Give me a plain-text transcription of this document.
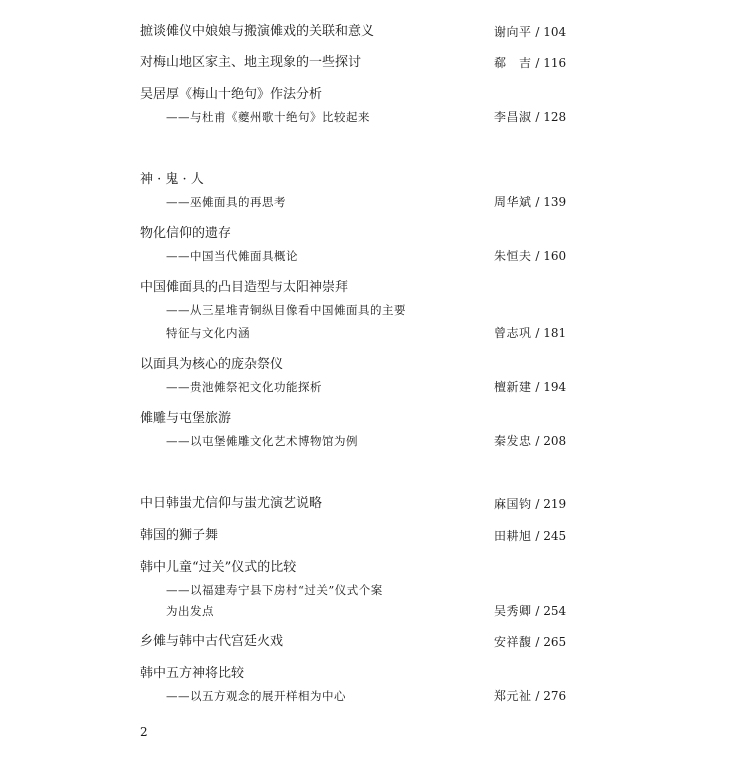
摭谈傩仪中娘娘与搬演傩戏的关联和意义	谢向平 / 104
对梅山地区家主、地主现象的一些探讨	郗　吉 / 116
吴居厚《梅山十绝句》作法分析
——与杜甫《夔州歌十绝句》比较起来	李昌淑 / 128
神 · 鬼 · 人
——巫傩面具的再思考	周华斌 / 139
物化信仰的遗存
——中国当代傩面具概论	朱恒夫 / 160
中国傩面具的凸目造型与太阳神崇拜
——从三星堆青铜纵目像看中国傩面具的主要
特征与文化内涵	曾志巩 / 181
以面具为核心的庞杂祭仪
——贵池傩祭祀文化功能探析	檀新建 / 194
傩雕与屯堡旅游
——以屯堡傩雕文化艺术博物馆为例	秦发忠 / 208
中日韩蚩尤信仰与蚩尤演艺说略	麻国钧 / 219
韩国的狮子舞	田耕旭 / 245
韩中儿童“过关”仪式的比较
——以福建寿宁县下房村“过关”仪式个案
为出发点	吴秀卿 / 254
乡傩与韩中古代宫廷火戏	安祥馥 / 265
韩中五方神将比较
——以五方观念的展开样相为中心	郑元祉 / 276
2
